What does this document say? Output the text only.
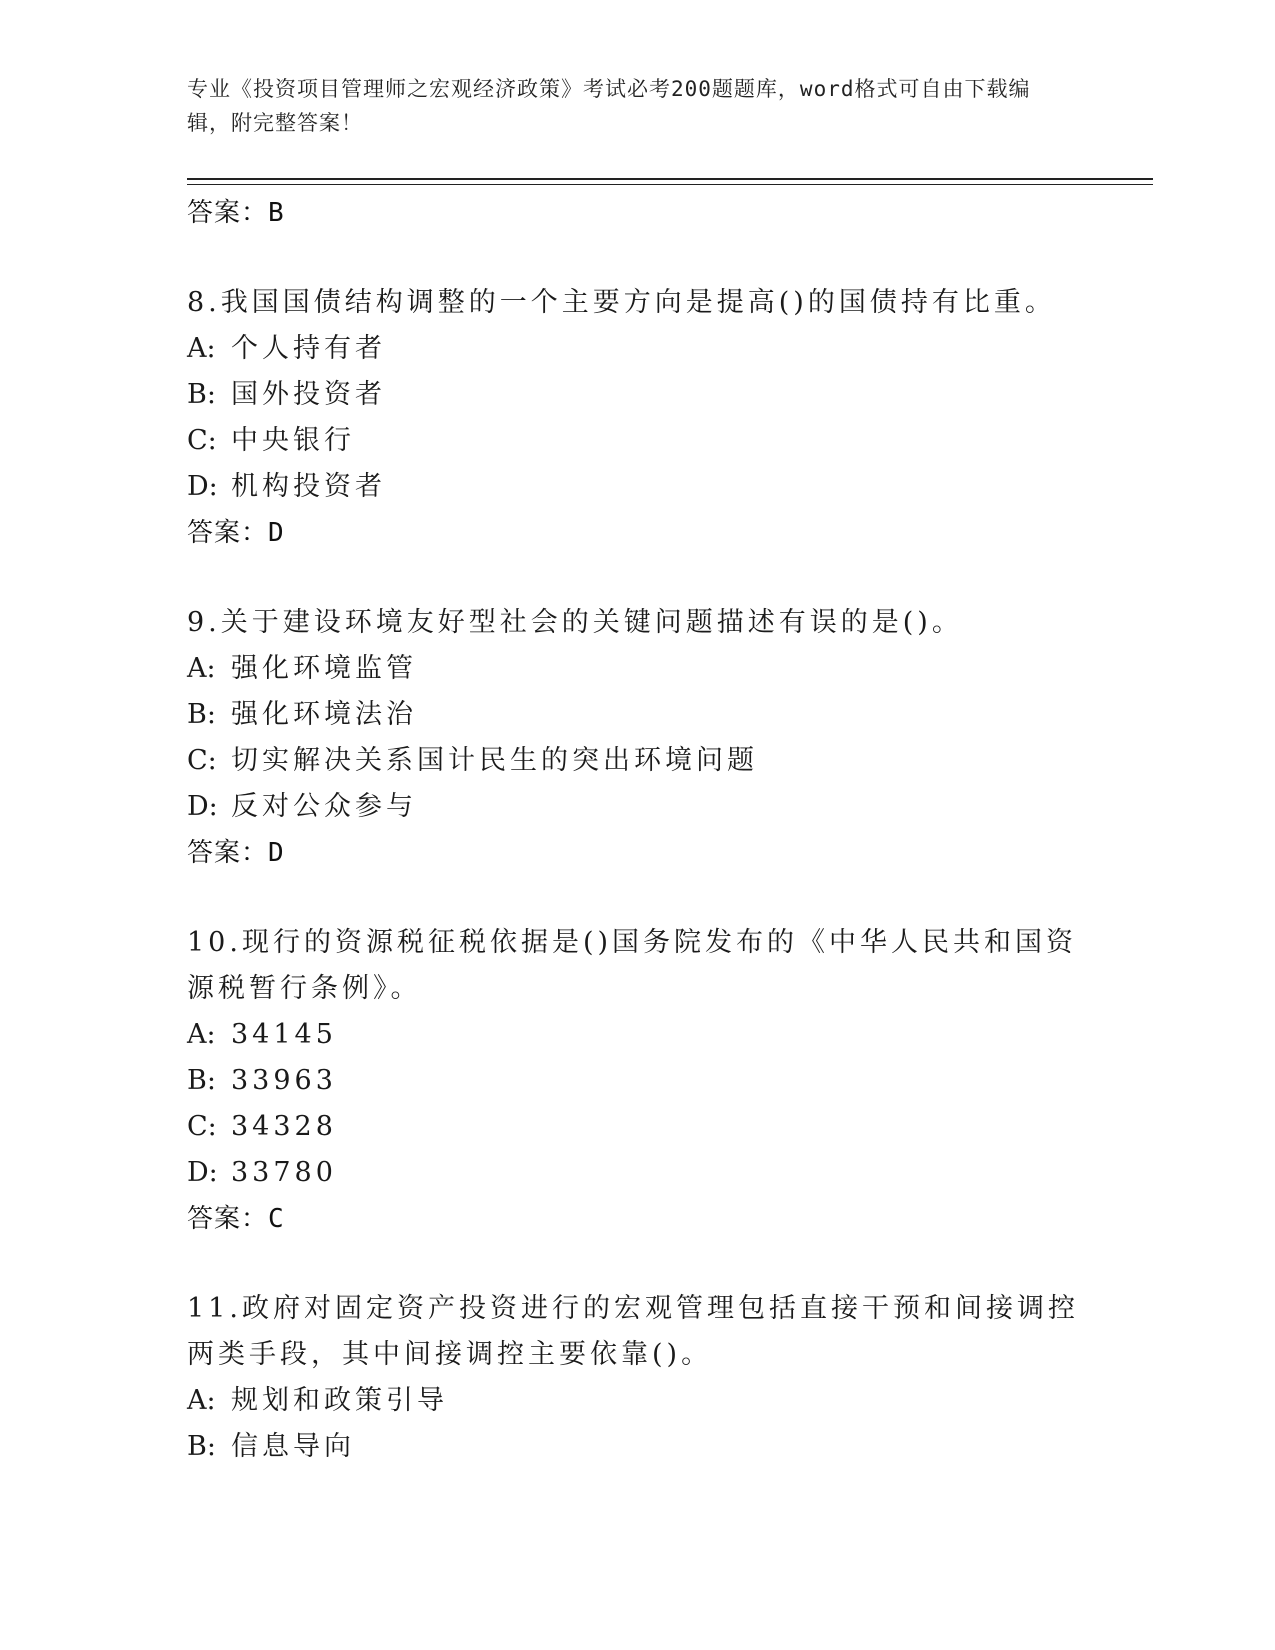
专业《投资项目管理师之宏观经济政策》考试必考200题题库，word格式可自由下载编辑，附完整答案！
答案：B
8.我国国债结构调整的一个主要方向是提高()的国债持有比重。
A: 个人持有者
B: 国外投资者
C: 中央银行
D: 机构投资者
答案：D
9.关于建设环境友好型社会的关键问题描述有误的是()。
A: 强化环境监管
B: 强化环境法治
C: 切实解决关系国计民生的突出环境问题
D: 反对公众参与
答案：D
10.现行的资源税征税依据是()国务院发布的《中华人民共和国资源税暂行条例》。
A: 34145
B: 33963
C: 34328
D: 33780
答案：C
11.政府对固定资产投资进行的宏观管理包括直接干预和间接调控两类手段，其中间接调控主要依靠()。
A: 规划和政策引导
B: 信息导向
